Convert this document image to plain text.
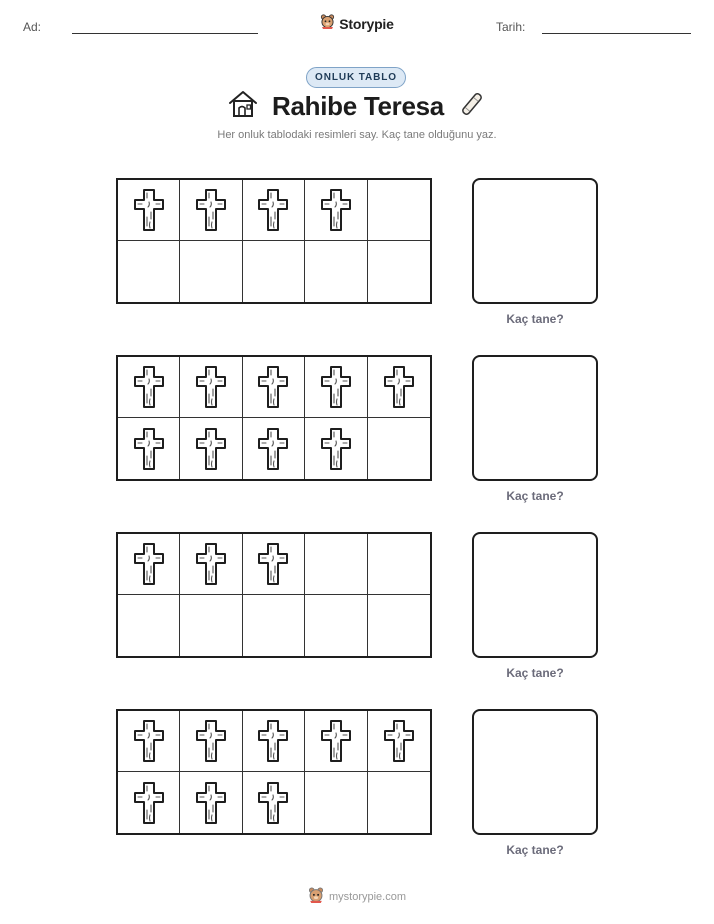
Ad:	Storypie	Tarih:
ONLUK TABLO
Rahibe Teresa
Her onluk tablodaki resimleri say. Kaç tane olduğunu yaz.
Kaç tane?
Kaç tane?
Kaç tane?
Kaç tane?
mystorypie.com
